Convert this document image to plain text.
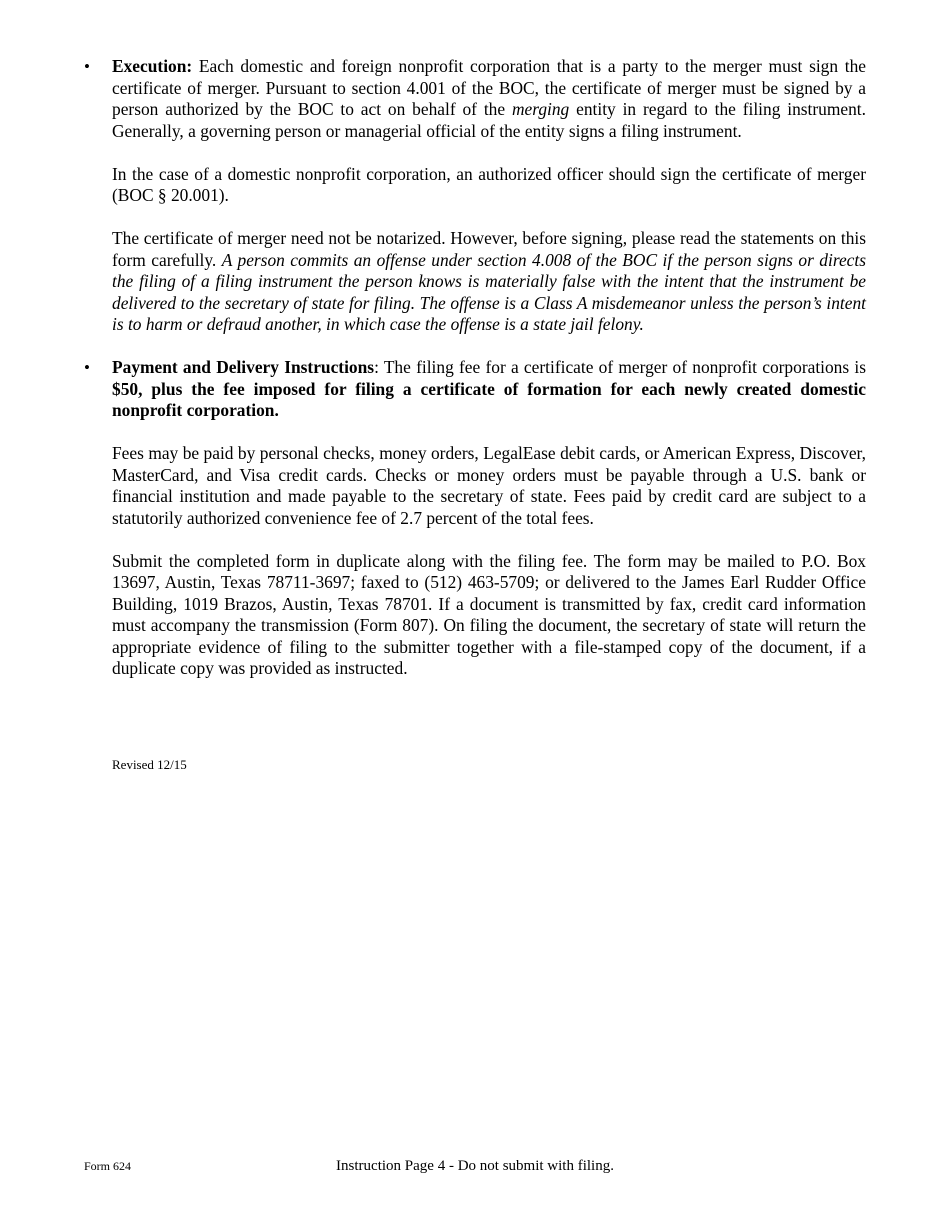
• Execution: Each domestic and foreign nonprofit corporation that is a party to the merger must sign the certificate of merger. Pursuant to section 4.001 of the BOC, the certificate of merger must be signed by a person authorized by the BOC to act on behalf of the merging entity in regard to the filing instrument. Generally, a governing person or managerial official of the entity signs a filing instrument.

In the case of a domestic nonprofit corporation, an authorized officer should sign the certificate of merger (BOC § 20.001).

The certificate of merger need not be notarized. However, before signing, please read the statements on this form carefully. A person commits an offense under section 4.008 of the BOC if the person signs or directs the filing of a filing instrument the person knows is materially false with the intent that the instrument be delivered to the secretary of state for filing. The offense is a Class A misdemeanor unless the person’s intent is to harm or defraud another, in which case the offense is a state jail felony.

• Payment and Delivery Instructions: The filing fee for a certificate of merger of nonprofit corporations is $50, plus the fee imposed for filing a certificate of formation for each newly created domestic nonprofit corporation.

Fees may be paid by personal checks, money orders, LegalEase debit cards, or American Express, Discover, MasterCard, and Visa credit cards. Checks or money orders must be payable through a U.S. bank or financial institution and made payable to the secretary of state. Fees paid by credit card are subject to a statutorily authorized convenience fee of 2.7 percent of the total fees.

Submit the completed form in duplicate along with the filing fee. The form may be mailed to P.O. Box 13697, Austin, Texas 78711-3697; faxed to (512) 463-5709; or delivered to the James Earl Rudder Office Building, 1019 Brazos, Austin, Texas 78701. If a document is transmitted by fax, credit card information must accompany the transmission (Form 807). On filing the document, the secretary of state will return the appropriate evidence of filing to the submitter together with a file-stamped copy of the document, if a duplicate copy was provided as instructed.

Revised 12/15
Form 624	Instruction Page 4 - Do not submit with filing.
